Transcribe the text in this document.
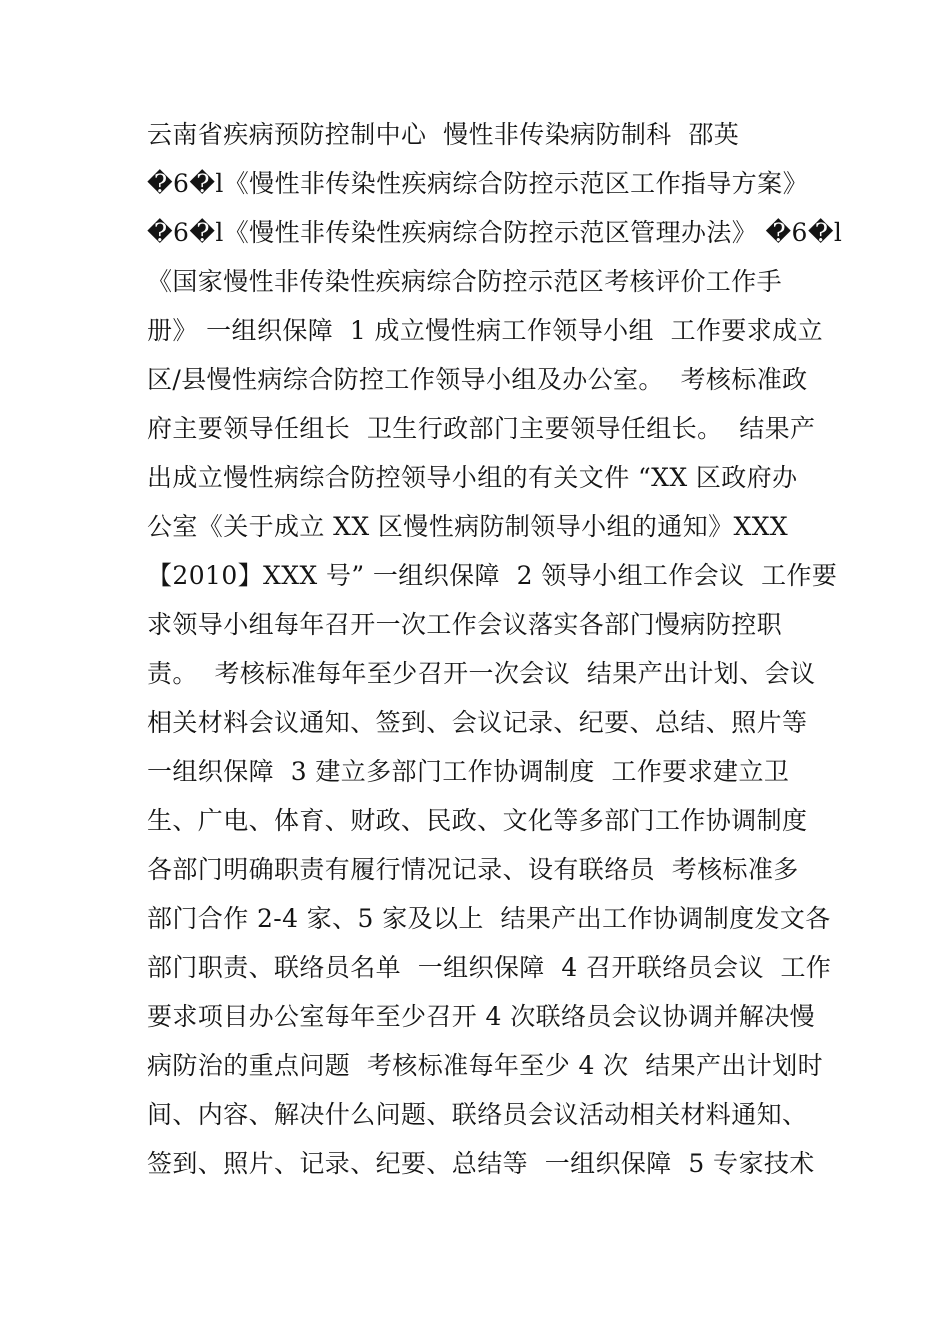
云南省疾病预防控制中心  慢性非传染病防制科  邵英
�6�l《慢性非传染性疾病综合防控示范区工作指导方案》
�6�l《慢性非传染性疾病综合防控示范区管理办法》 �6�l
《国家慢性非传染性疾病综合防控示范区考核评价工作手
册》 一组织保障  1 成立慢性病工作领导小组  工作要求成立
区/县慢性病综合防控工作领导小组及办公室。  考核标准政
府主要领导任组长  卫生行政部门主要领导任组长。  结果产
出成立慢性病综合防控领导小组的有关文件 “XX 区政府办
公室《关于成立 XX 区慢性病防制领导小组的通知》XXX
【2010】XXX 号” 一组织保障  2 领导小组工作会议  工作要
求领导小组每年召开一次工作会议落实各部门慢病防控职
责。  考核标准每年至少召开一次会议  结果产出计划、会议
相关材料会议通知、签到、会议记录、纪要、总结、照片等
一组织保障  3 建立多部门工作协调制度  工作要求建立卫
生、广电、体育、财政、民政、文化等多部门工作协调制度
各部门明确职责有履行情况记录、设有联络员  考核标准多
部门合作 2-4 家、5 家及以上  结果产出工作协调制度发文各
部门职责、联络员名单  一组织保障  4 召开联络员会议  工作
要求项目办公室每年至少召开 4 次联络员会议协调并解决慢
病防治的重点问题  考核标准每年至少 4 次  结果产出计划时
间、内容、解决什么问题、联络员会议活动相关材料通知、
签到、照片、记录、纪要、总结等  一组织保障  5 专家技术
